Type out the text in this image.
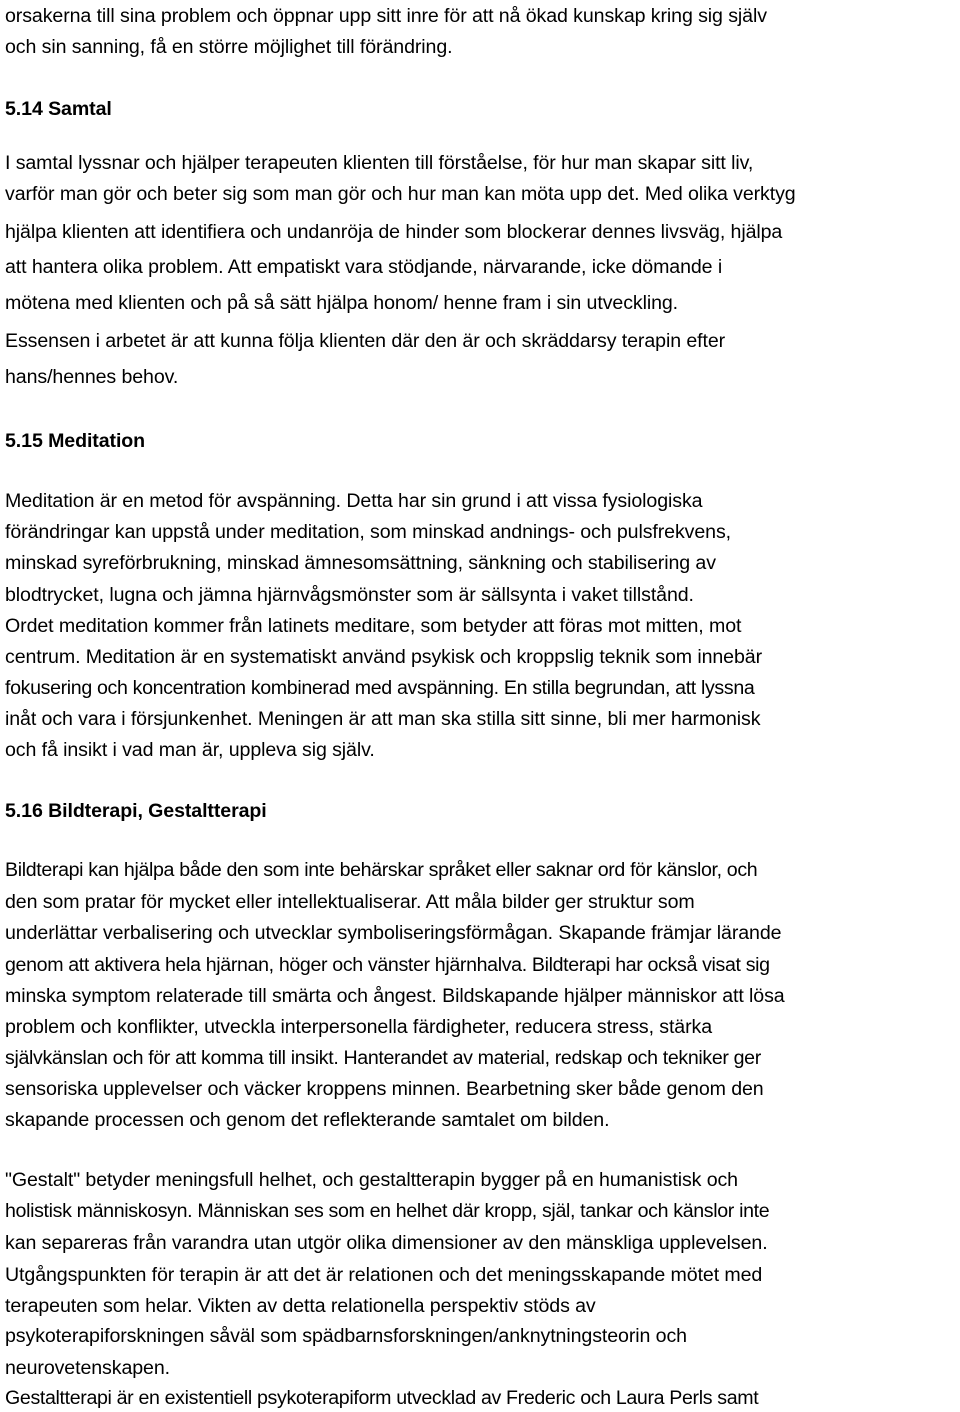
orsakerna till sina problem och öppnar upp sitt inre för att nå ökad kunskap kring sig själv
och sin sanning, få en större möjlighet till förändring.
5.14 Samtal
I samtal lyssnar och hjälper terapeuten klienten till förståelse, för hur man skapar sitt liv,
varför man gör och beter sig som man gör och hur man kan möta upp det. Med olika verktyg
hjälpa klienten att identifiera och undanröja de hinder som blockerar dennes livsväg, hjälpa
att hantera olika problem. Att empatiskt vara stödjande, närvarande, icke dömande i
mötena med klienten och på så sätt hjälpa honom/ henne fram i sin utveckling.
Essensen i arbetet är att kunna följa klienten där den är och skräddarsy terapin efter
hans/hennes behov.
5.15 Meditation
Meditation är en metod för avspänning. Detta har sin grund i att vissa fysiologiska
förändringar kan uppstå under meditation, som minskad andnings- och pulsfrekvens,
minskad syreförbrukning, minskad ämnesomsättning, sänkning och stabilisering av
blodtrycket, lugna och jämna hjärnvågsmönster som är sällsynta i vaket tillstånd.
Ordet meditation kommer från latinets meditare, som betyder att föras mot mitten, mot
centrum. Meditation är en systematiskt använd psykisk och kroppslig teknik som innebär
fokusering och koncentration kombinerad med avspänning. En stilla begrundan, att lyssna
inåt och vara i försjunkenhet. Meningen är att man ska stilla sitt sinne, bli mer harmonisk
och få insikt i vad man är, uppleva sig själv.
5.16 Bildterapi, Gestaltterapi
Bildterapi kan hjälpa både den som inte behärskar språket eller saknar ord för känslor, och
den som pratar för mycket eller intellektualiserar. Att måla bilder ger struktur som
underlättar verbalisering och utvecklar symboliseringsförmågan. Skapande främjar lärande
genom att aktivera hela hjärnan, höger och vänster hjärnhalva. Bildterapi har också visat sig
minska symptom relaterade till smärta och ångest. Bildskapande hjälper människor att lösa
problem och konflikter, utveckla interpersonella färdigheter, reducera stress, stärka
självkänslan och för att komma till insikt. Hanterandet av material, redskap och tekniker ger
sensoriska upplevelser och väcker kroppens minnen. Bearbetning sker både genom den
skapande processen och genom det reflekterande samtalet om bilden.
"Gestalt" betyder meningsfull helhet, och gestaltterapin bygger på en humanistisk och
holistisk människosyn. Människan ses som en helhet där kropp, själ, tankar och känslor inte
kan separeras från varandra utan utgör olika dimensioner av den mänskliga upplevelsen.
Utgångspunkten för terapin är att det är relationen och det meningsskapande mötet med
terapeuten som helar. Vikten av detta relationella perspektiv stöds av
psykoterapiforskningen såväl som spädbarnsforskningen/anknytningsteorin och
neurovetenskapen.
Gestaltterapi är en existentiell psykoterapiform utvecklad av Frederic och Laura Perls samt
